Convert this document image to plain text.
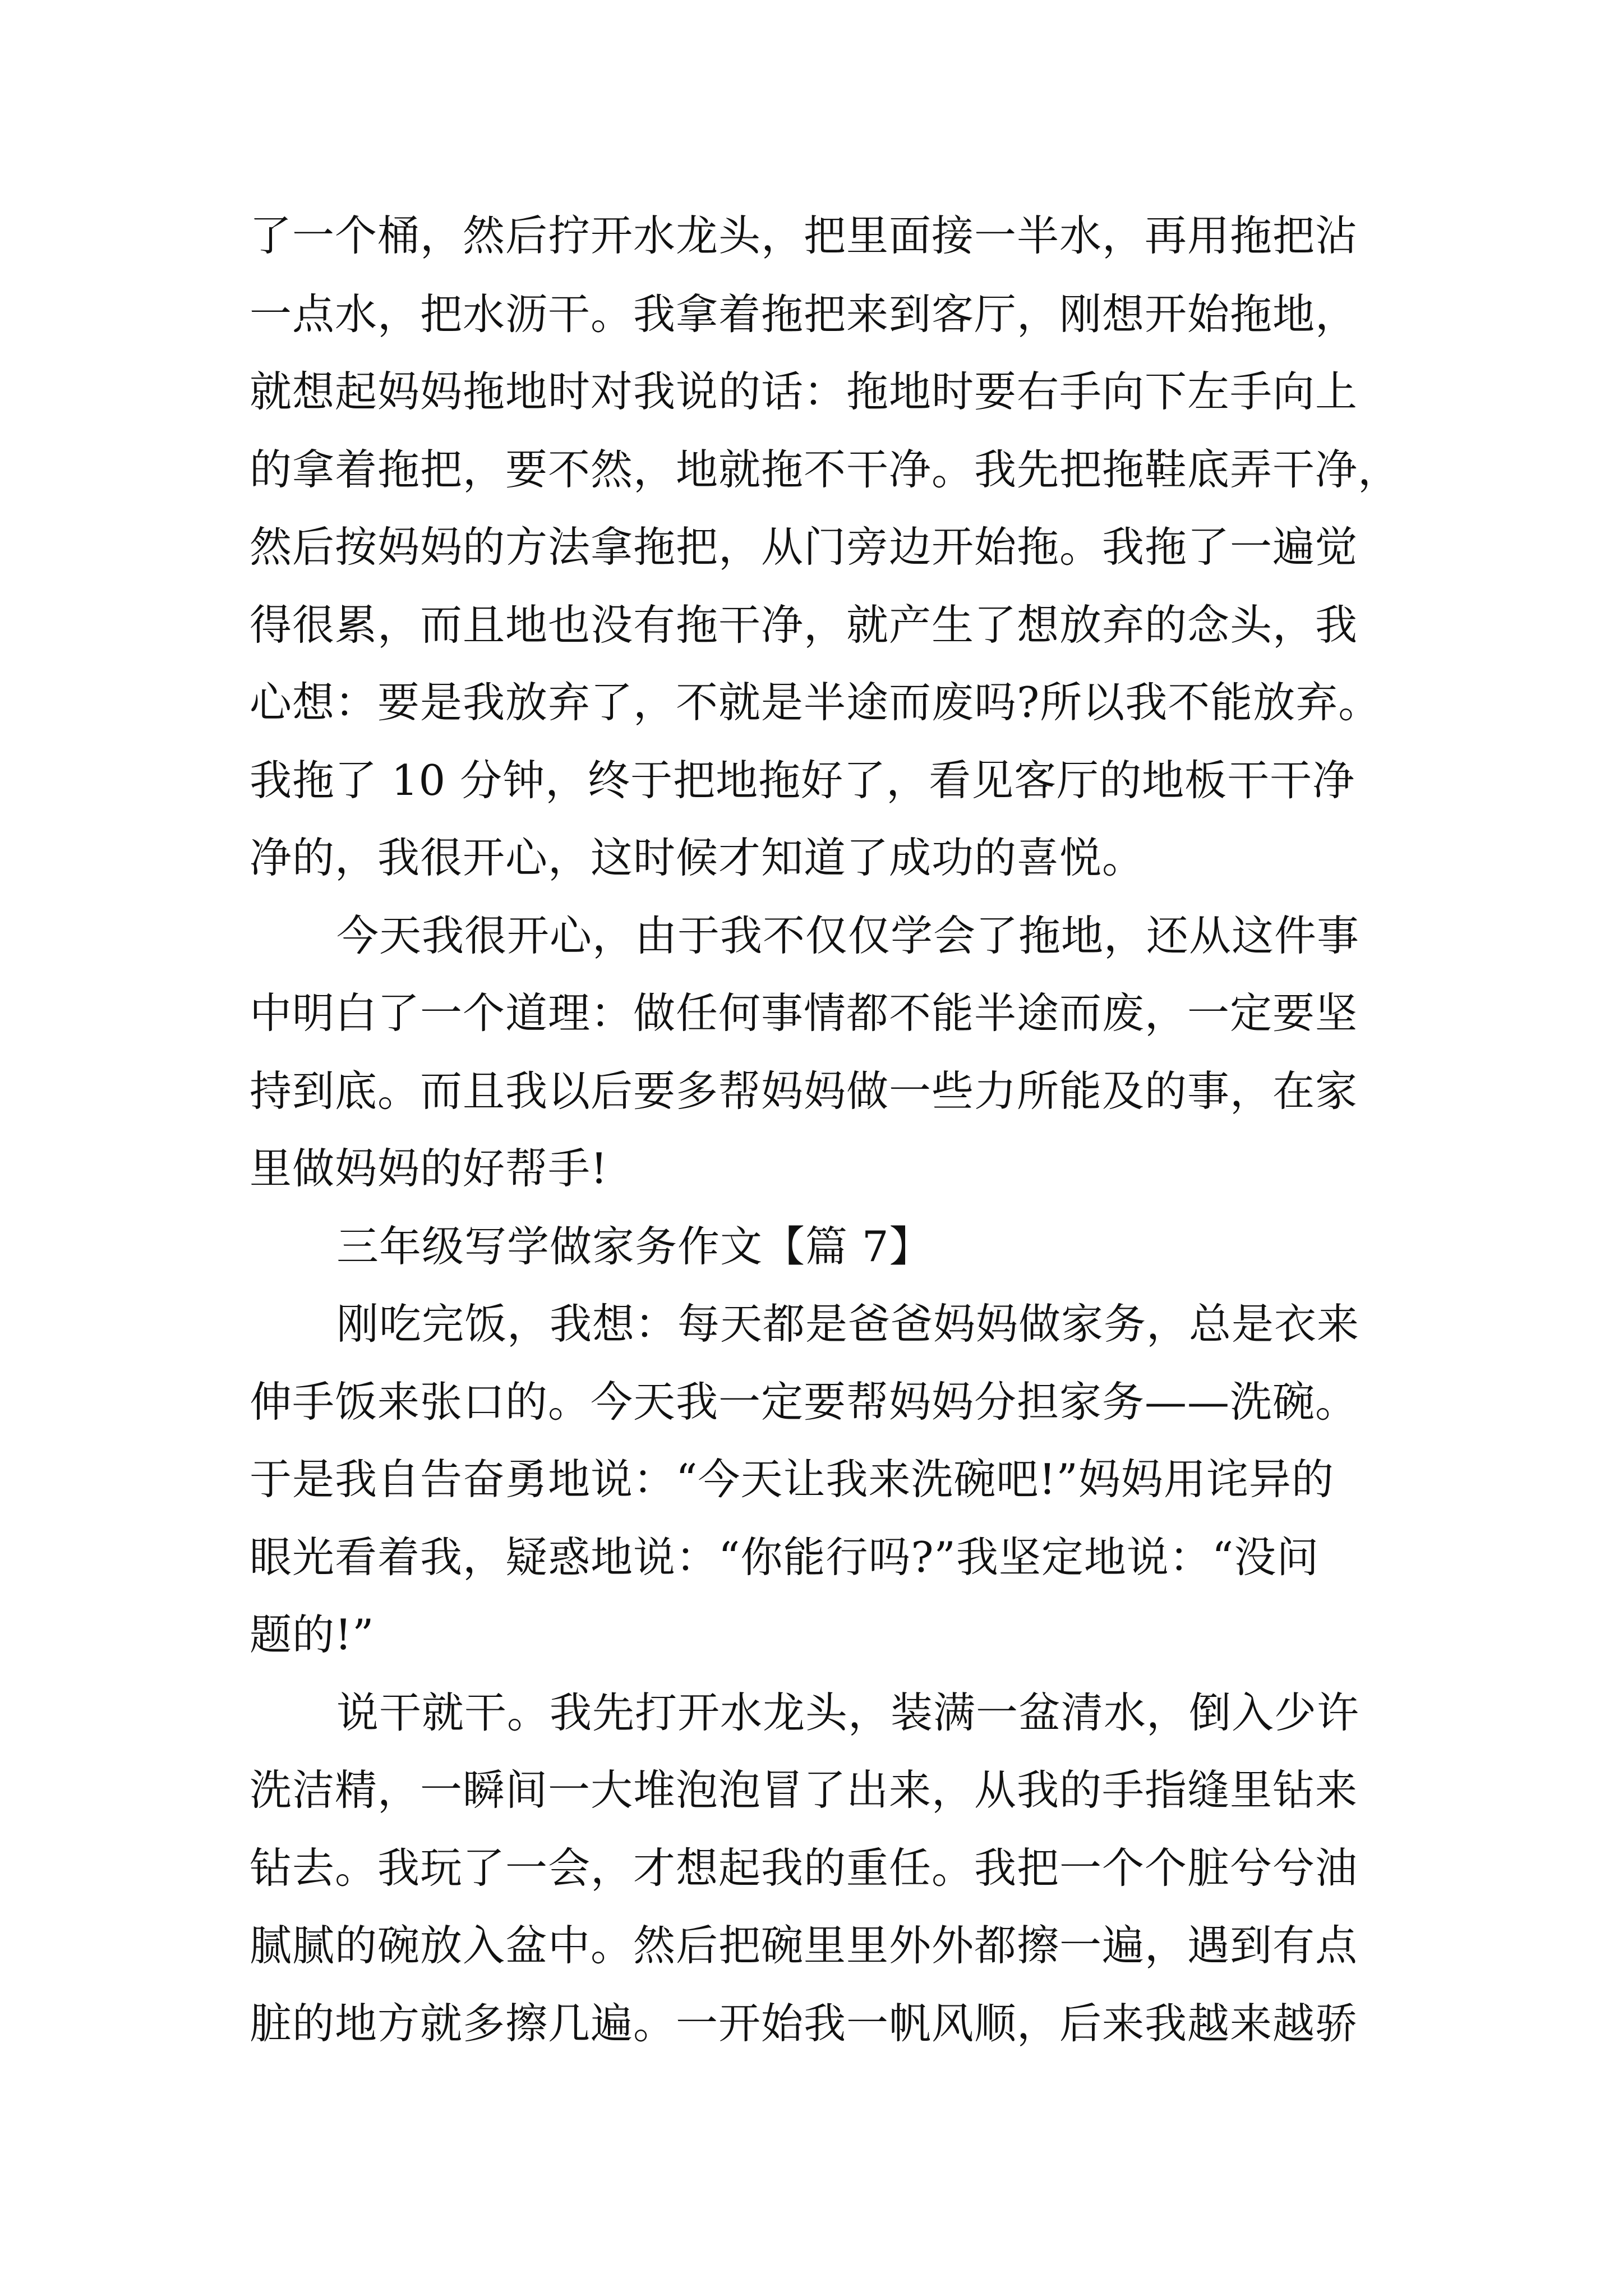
了一个桶，然后拧开水龙头，把里面接一半水，再用拖把沾
一点水，把水沥干。我拿着拖把来到客厅，刚想开始拖地，
就想起妈妈拖地时对我说的话：拖地时要右手向下左手向上
的拿着拖把，要不然，地就拖不干净。我先把拖鞋底弄干净，
然后按妈妈的方法拿拖把，从门旁边开始拖。我拖了一遍觉
得很累，而且地也没有拖干净，就产生了想放弃的念头，我
心想：要是我放弃了，不就是半途而废吗?所以我不能放弃。
我拖了 10 分钟，终于把地拖好了，看见客厅的地板干干净
净的，我很开心，这时候才知道了成功的喜悦。
今天我很开心，由于我不仅仅学会了拖地，还从这件事
中明白了一个道理：做任何事情都不能半途而废，一定要坚
持到底。而且我以后要多帮妈妈做一些力所能及的事，在家
里做妈妈的好帮手!
三年级写学做家务作文【篇 7】
刚吃完饭，我想：每天都是爸爸妈妈做家务，总是衣来
伸手饭来张口的。今天我一定要帮妈妈分担家务——洗碗。
于是我自告奋勇地说：“今天让我来洗碗吧!”妈妈用诧异的
眼光看着我，疑惑地说：“你能行吗?”我坚定地说：“没问
题的!”
说干就干。我先打开水龙头，装满一盆清水，倒入少许
洗洁精，一瞬间一大堆泡泡冒了出来，从我的手指缝里钻来
钻去。我玩了一会，才想起我的重任。我把一个个脏兮兮油
腻腻的碗放入盆中。然后把碗里里外外都擦一遍，遇到有点
脏的地方就多擦几遍。一开始我一帆风顺，后来我越来越骄
